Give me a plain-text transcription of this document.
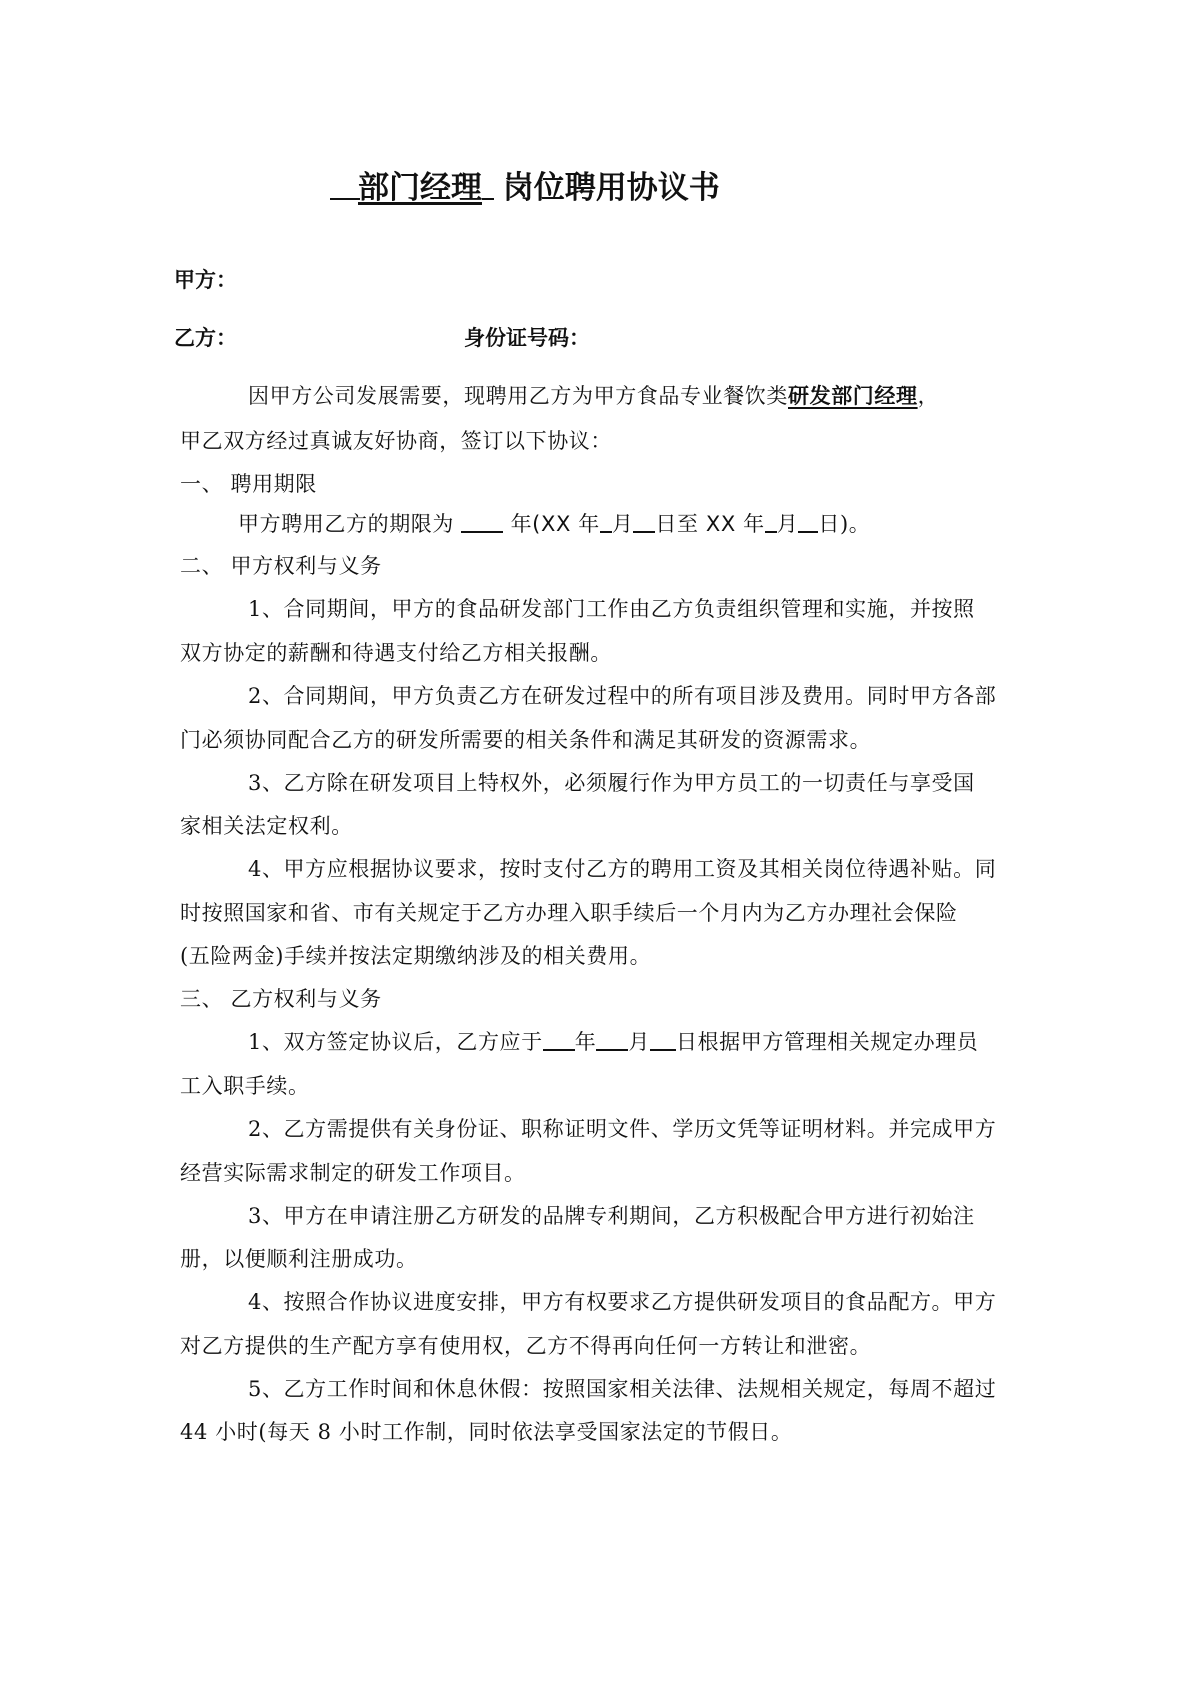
部门经理 岗位聘用协议书
甲方：
乙方：	身份证号码：
因甲方公司发展需要，现聘用乙方为甲方食品专业餐饮类研发部门经理，
甲乙双方经过真诚友好协商，签订以下协议：
一、 聘用期限
甲方聘用乙方的期限为	年(XX 年 月 日至 XX 年 月 日)。
二、 甲方权利与义务
1、合同期间，甲方的食品研发部门工作由乙方负责组织管理和实施，并按照
双方协定的薪酬和待遇支付给乙方相关报酬。
2、合同期间，甲方负责乙方在研发过程中的所有项目涉及费用。同时甲方各部
门必须协同配合乙方的研发所需要的相关条件和满足其研发的资源需求。
3、乙方除在研发项目上特权外，必须履行作为甲方员工的一切责任与享受国
家相关法定权利。
4、甲方应根据协议要求，按时支付乙方的聘用工资及其相关岗位待遇补贴。同
时按照国家和省、市有关规定于乙方办理入职手续后一个月内为乙方办理社会保险
(五险两金)手续并按法定期缴纳涉及的相关费用。
三、 乙方权利与义务
1、双方签定协议后，乙方应于 年 月 日根据甲方管理相关规定办理员
工入职手续。
2、乙方需提供有关身份证、职称证明文件、学历文凭等证明材料。并完成甲方
经营实际需求制定的研发工作项目。
3、甲方在申请注册乙方研发的品牌专利期间，乙方积极配合甲方进行初始注
册，以便顺利注册成功。
4、按照合作协议进度安排，甲方有权要求乙方提供研发项目的食品配方。甲方
对乙方提供的生产配方享有使用权，乙方不得再向任何一方转让和泄密。
5、乙方工作时间和休息休假：按照国家相关法律、法规相关规定，每周不超过
44 小时(每天 8 小时工作制，同时依法享受国家法定的节假日。
